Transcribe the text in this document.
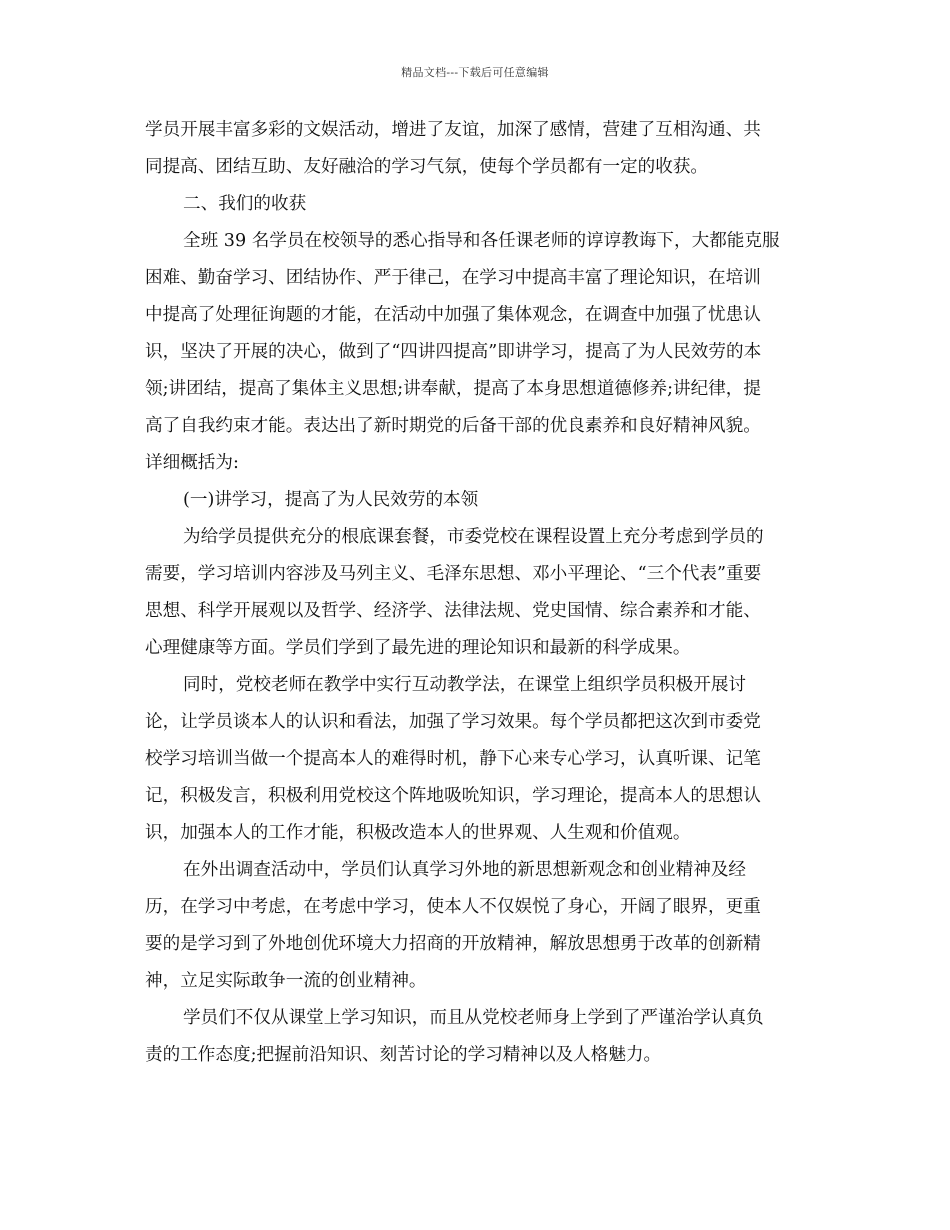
精品文档---下载后可任意编辑
学员开展丰富多彩的文娱活动，增进了友谊，加深了感情，营建了互相沟通、共
同提高、团结互助、友好融洽的学习气氛，使每个学员都有一定的收获。
二、我们的收获
全班 39 名学员在校领导的悉心指导和各任课老师的谆谆教诲下，大都能克服
困难、勤奋学习、团结协作、严于律己，在学习中提高丰富了理论知识，在培训
中提高了处理征询题的才能，在活动中加强了集体观念，在调查中加强了忧患认
识，坚决了开展的决心，做到了“四讲四提高”即讲学习，提高了为人民效劳的本
领;讲团结，提高了集体主义思想;讲奉献，提高了本身思想道德修养;讲纪律，提
高了自我约束才能。表达出了新时期党的后备干部的优良素养和良好精神风貌。
详细概括为:
(一)讲学习，提高了为人民效劳的本领
为给学员提供充分的根底课套餐，市委党校在课程设置上充分考虑到学员的
需要，学习培训内容涉及马列主义、毛泽东思想、邓小平理论、“三个代表”重要
思想、科学开展观以及哲学、经济学、法律法规、党史国情、综合素养和才能、
心理健康等方面。学员们学到了最先进的理论知识和最新的科学成果。
同时，党校老师在教学中实行互动教学法，在课堂上组织学员积极开展讨
论，让学员谈本人的认识和看法，加强了学习效果。每个学员都把这次到市委党
校学习培训当做一个提高本人的难得时机，静下心来专心学习，认真听课、记笔
记，积极发言，积极利用党校这个阵地吸吮知识，学习理论，提高本人的思想认
识，加强本人的工作才能，积极改造本人的世界观、人生观和价值观。
在外出调查活动中，学员们认真学习外地的新思想新观念和创业精神及经
历，在学习中考虑，在考虑中学习，使本人不仅娱悦了身心，开阔了眼界，更重
要的是学习到了外地创优环境大力招商的开放精神，解放思想勇于改革的创新精
神，立足实际敢争一流的创业精神。
学员们不仅从课堂上学习知识，而且从党校老师身上学到了严谨治学认真负
责的工作态度;把握前沿知识、刻苦讨论的学习精神以及人格魅力。
